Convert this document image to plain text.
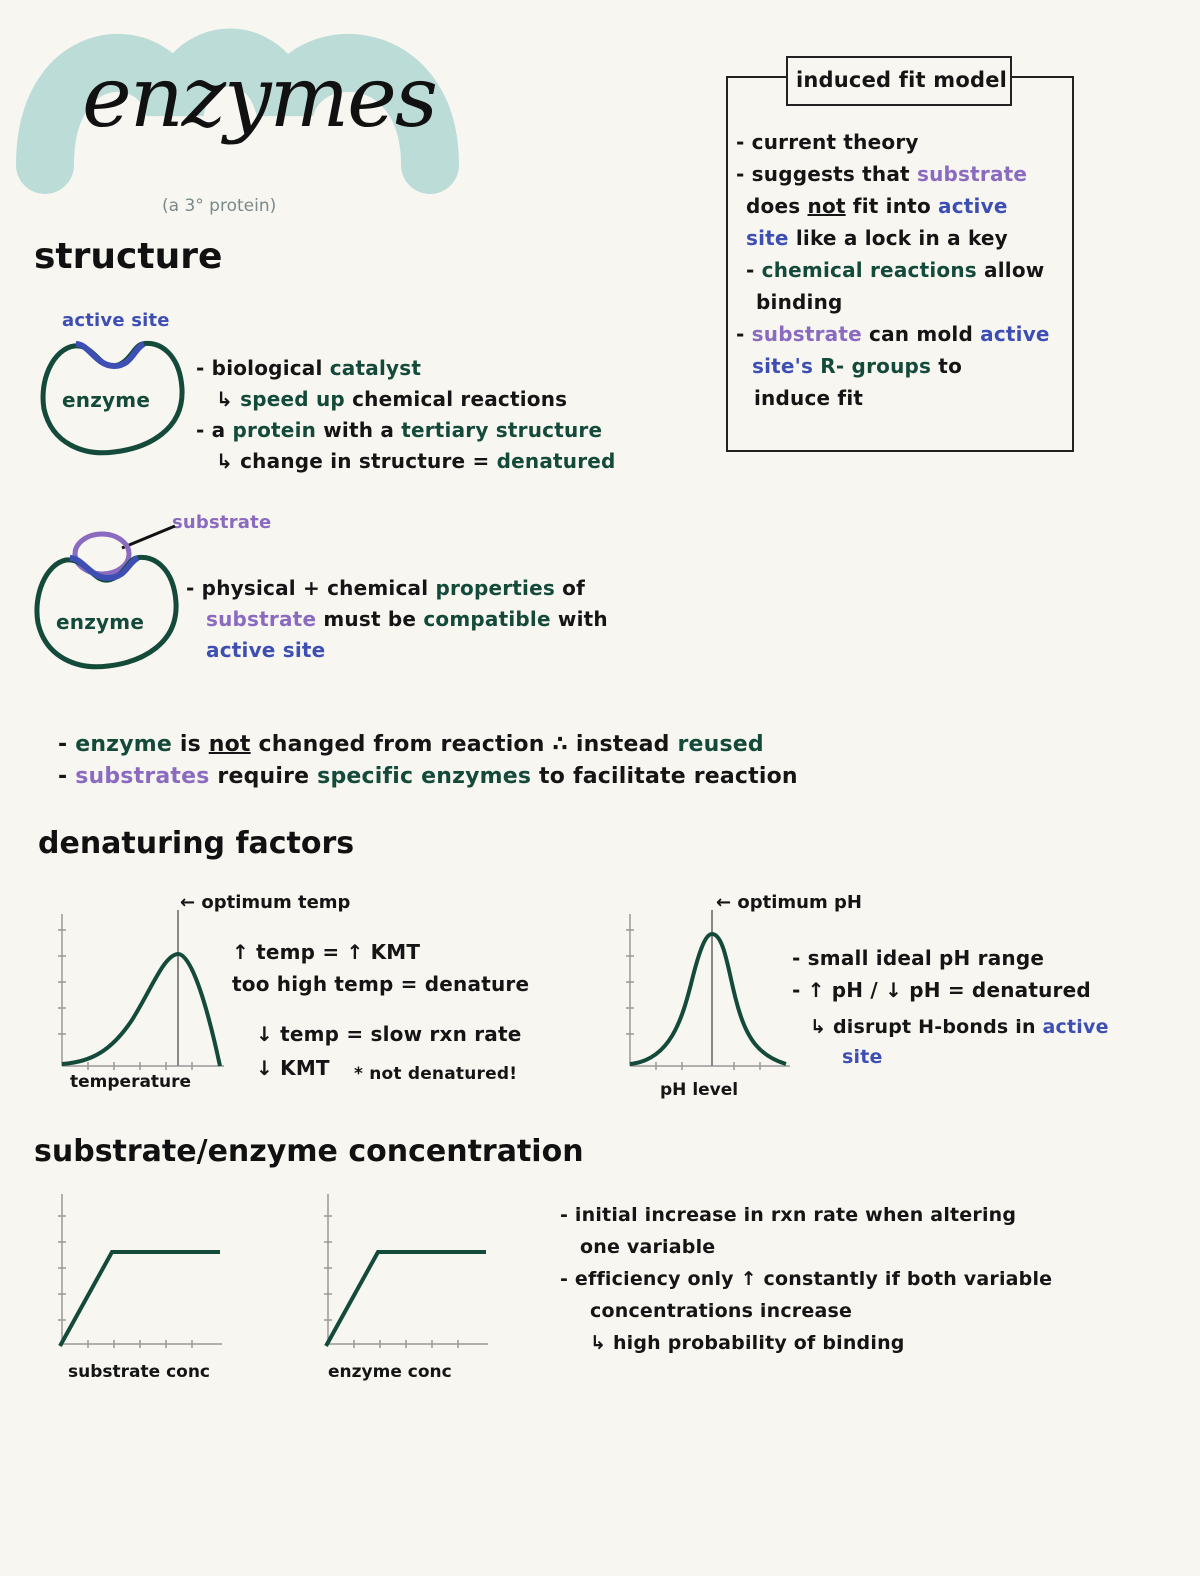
enzymes
(a 3° protein)
structure
active site
enzyme
- biological catalyst
↳ speed up chemical reactions
- a protein with a tertiary structure
↳ change in structure = denatured
substrate
enzyme
- physical + chemical properties of
substrate must be compatible with
active site
- enzyme is not changed from reaction ∴ instead reused
- substrates require specific enzymes to facilitate reaction
induced fit model
- current theory
- suggests that substrate
does not fit into active
site like a lock in a key
- chemical reactions allow
binding
- substrate can mold active
site's R- groups to
induce fit
denaturing factors
← optimum temp
temperature
↑ temp = ↑ KMT
too high temp = denature
↓ temp = slow rxn rate
↓ KMT * not denatured!
← optimum pH
pH level
- small ideal pH range
- ↑ pH / ↓ pH = denatured
↳ disrupt H-bonds in active
site
substrate/enzyme concentration
substrate conc	enzyme conc
- initial increase in rxn rate when altering
one variable
- efficiency only ↑ constantly if both variable
concentrations increase
↳ high probability of binding
